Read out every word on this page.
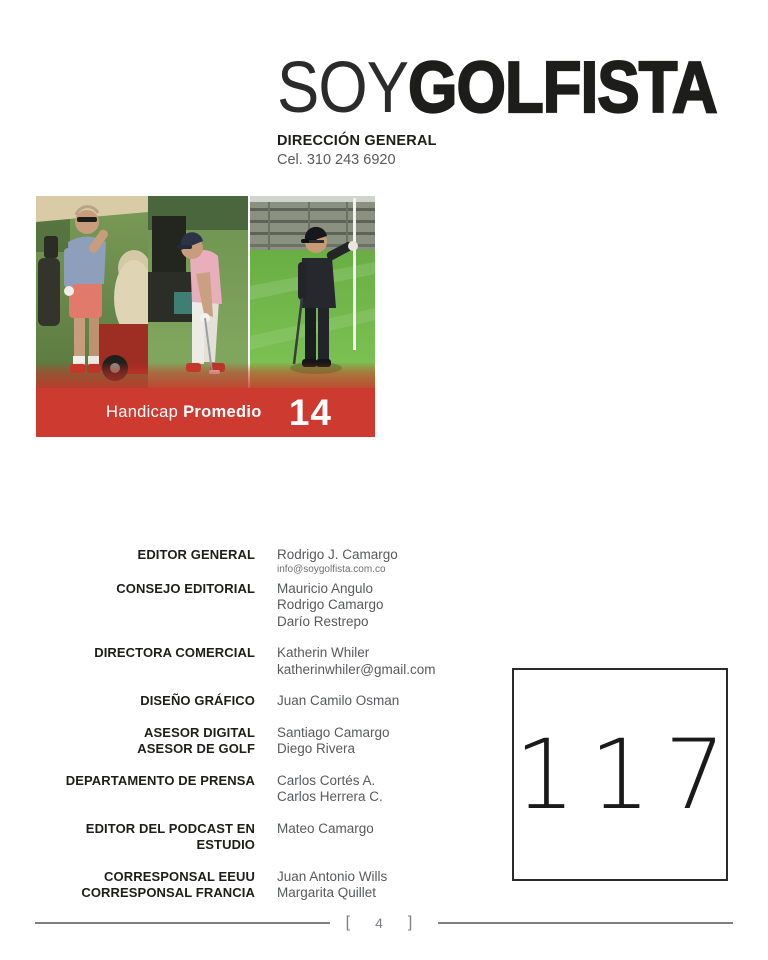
SOYGOLFISTA
DIRECCIÓN GENERAL
Cel. 310 243 6920
Handicap Promedio 14
EDITOR GENERAL Rodrigo J. Camargo
info@soygolfista.com.co
CONSEJO EDITORIAL Mauricio Angulo
Rodrigo Camargo
Darío Restrepo
DIRECTORA COMERCIAL Katherin Whiler
katherinwhiler@gmail.com
DISEÑO GRÁFICO Juan Camilo Osman
ASESOR DIGITAL
ASESOR DE GOLF
Santiago Camargo
Diego Rivera
DEPARTAMENTO DE PRENSA Carlos Cortés A.
Carlos Herrera C.
EDITOR DEL PODCAST EN ESTUDIO
Mateo Camargo
CORRESPONSAL EEUU
CORRESPONSAL FRANCIA
Juan Antonio Wills
Margarita Quillet
117
[ 4 ]
